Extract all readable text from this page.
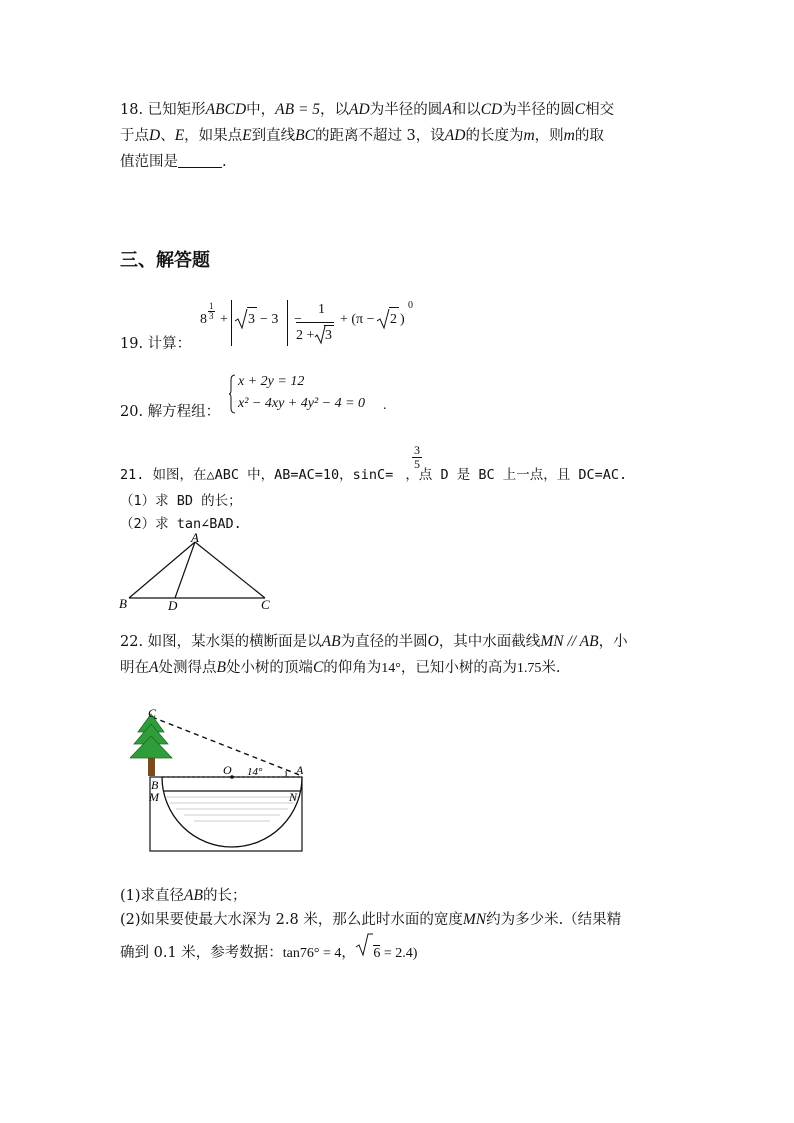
18. 已知矩形ABCD中，AB = 5，以AD为半径的圆A和以CD为半径的圆C相交
于点D、E，如果点E到直线BC的距离不超过 3，设AD的长度为m，则m的取
值范围是	.
三、解答题
19. 计算：
8
1
3 + 3 − 3 −
1
2 + 3
+ (π − 2 )
0
20. 解方程组：
x + 2y = 12
x² − 4xy + 4y² − 4 = 0 .
21. 如图，在△ABC 中，AB=AC=10，sinC= ，点 D 是 BC 上一点，且 DC=AC.
3
5
（1）求 BD 的长；
（2）求 tan∠BAD.
A
B	D	C
22. 如图，某水渠的横断面是以AB为直径的半圆O，其中水面截线MN // AB，小
明在A处测得点B处小树的顶端C的仰角为14°，已知小树的高为1.75米.
C
O 14°	A
B
M	N
(1)求直径AB的长；
(2)如果要使最大水深为 2.8 米，那么此时水面的宽度MN约为多少米.（结果精
确到 0.1 米，参考数据：tan76° = 4， 6 = 2.4)
